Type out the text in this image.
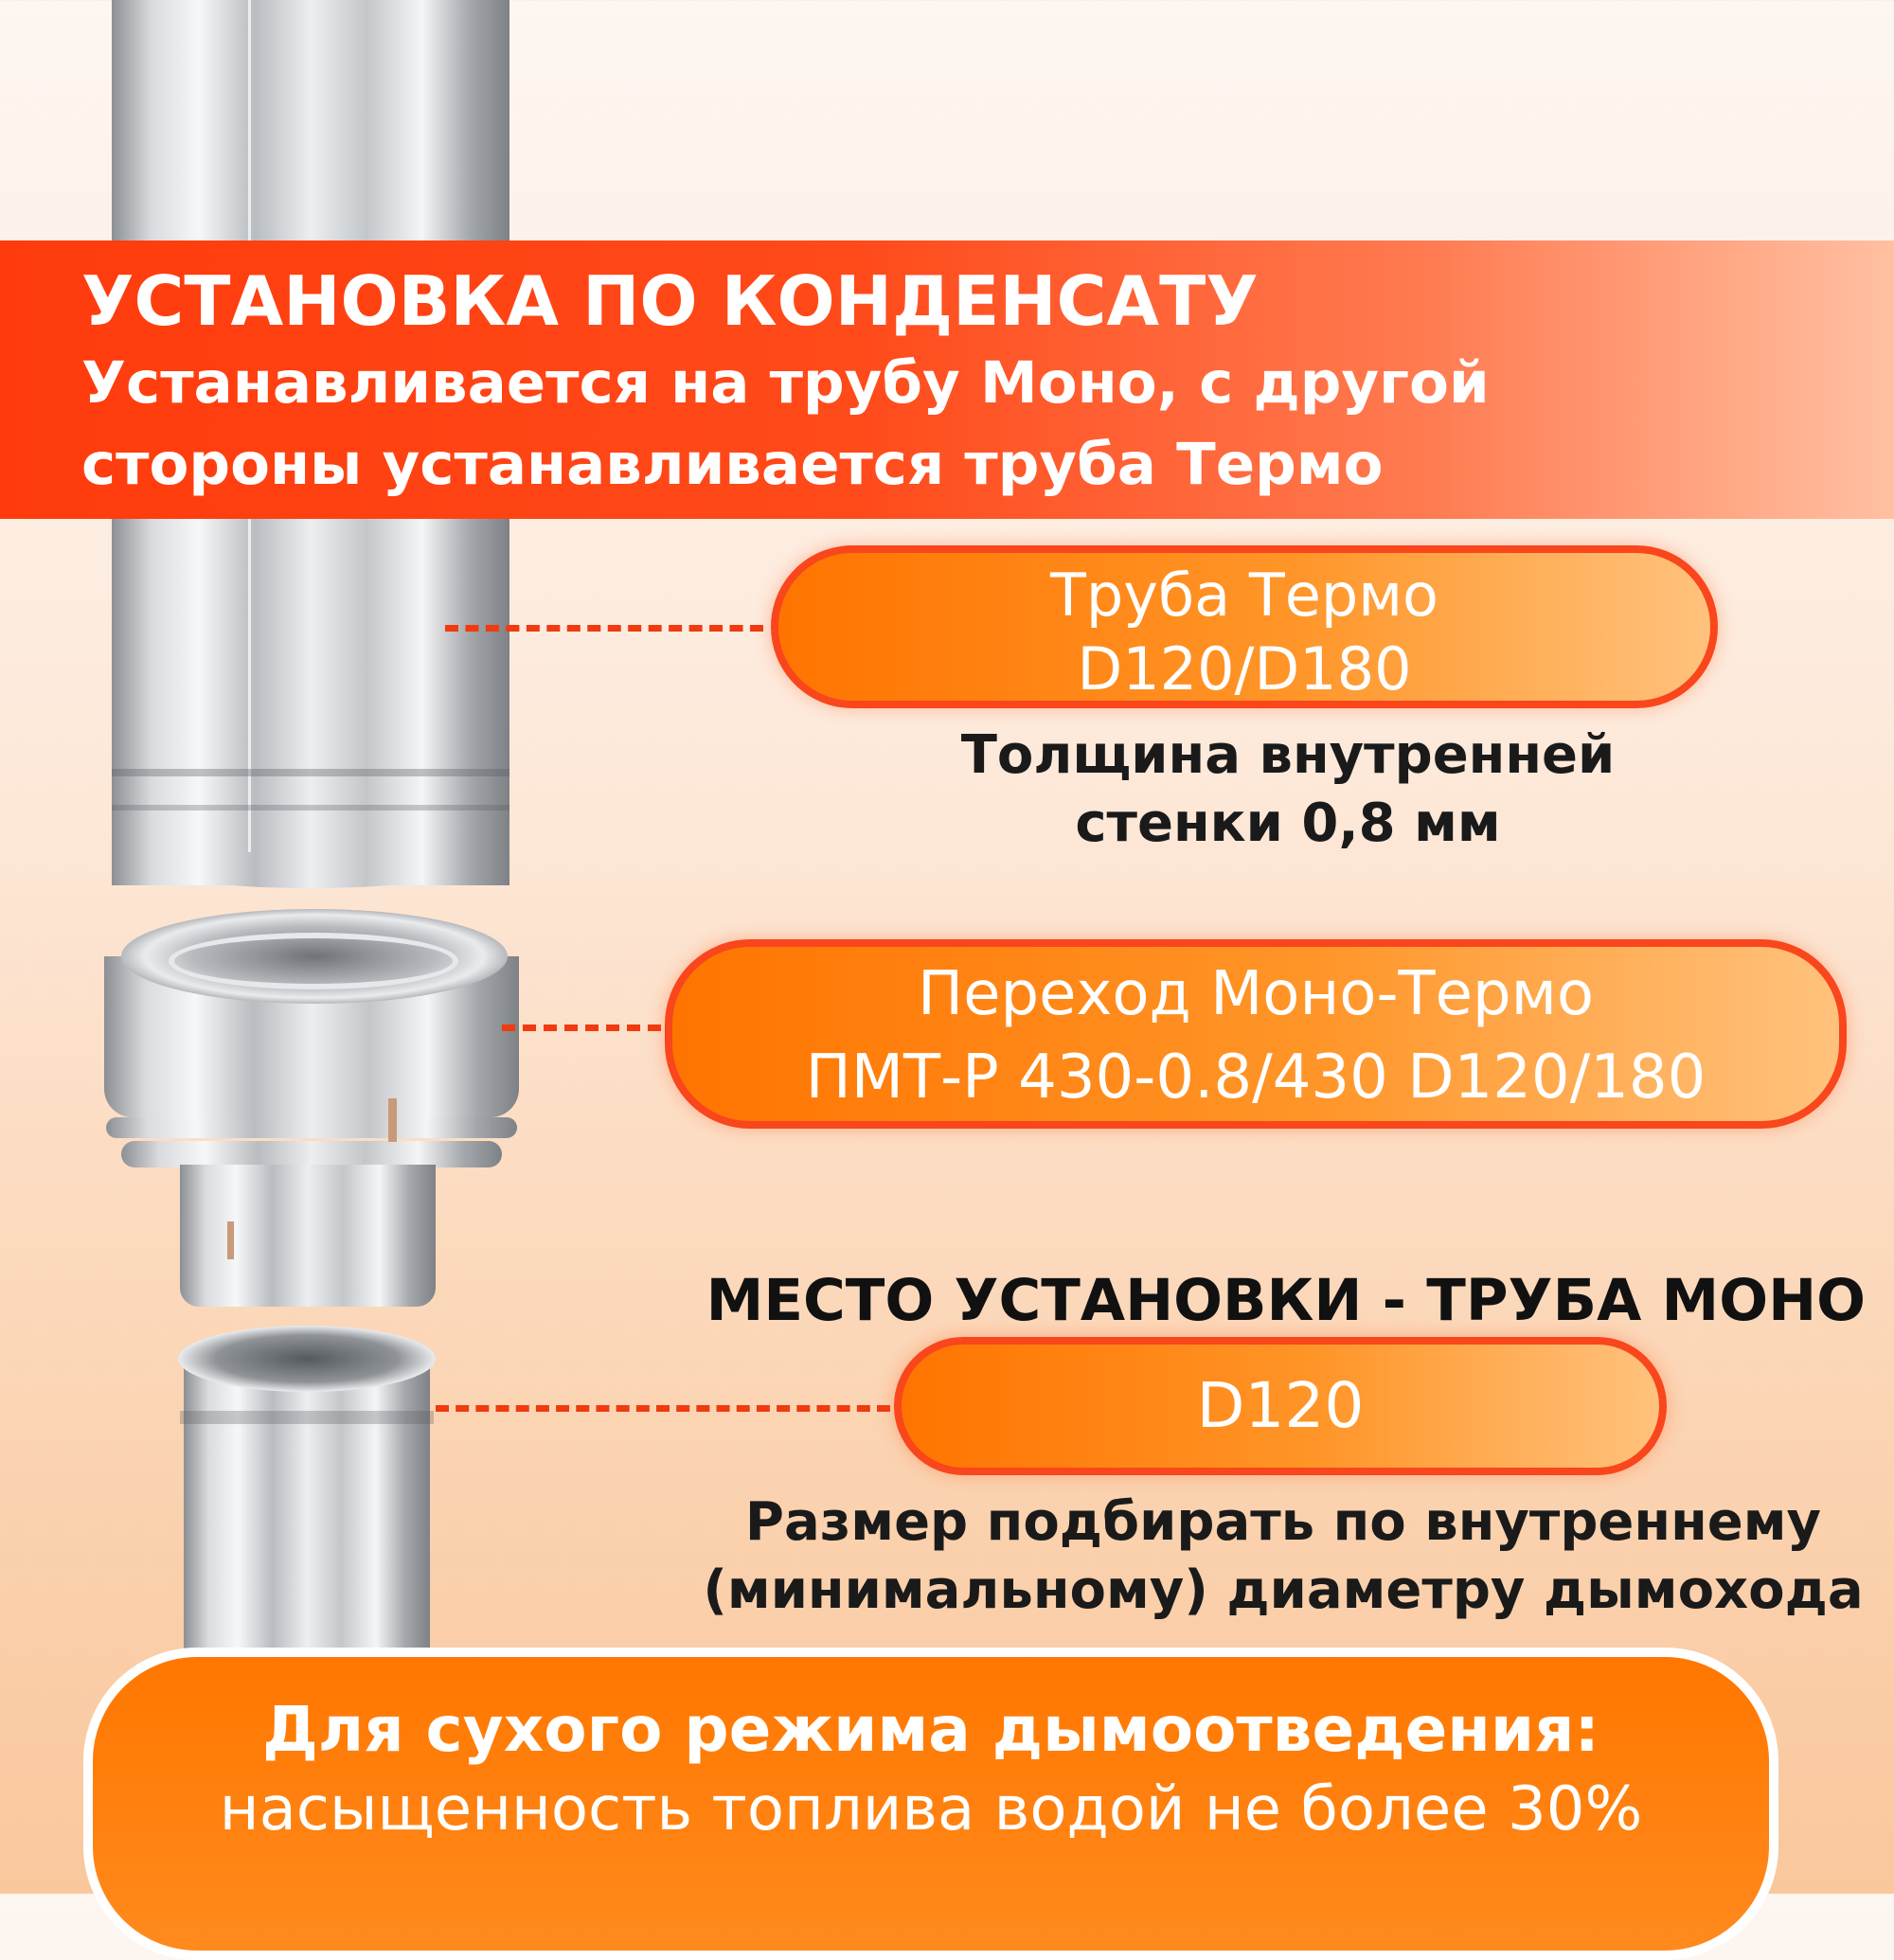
УСТАНОВКА ПО КОНДЕНСАТУ
Устанавливается на трубу Моно, с другой
стороны устанавливается труба Термо
Труба Термо
D120/D180
Толщина внутренней
стенки 0,8 мм
Переход Моно-Термо
ПМТ-Р 430-0.8/430 D120/180
МЕСТО УСТАНОВКИ - ТРУБА МОНО
D120
Размер подбирать по внутреннему
(минимальному) диаметру дымохода
Для сухого режима дымоотведения:
насыщенность топлива водой не более 30%
